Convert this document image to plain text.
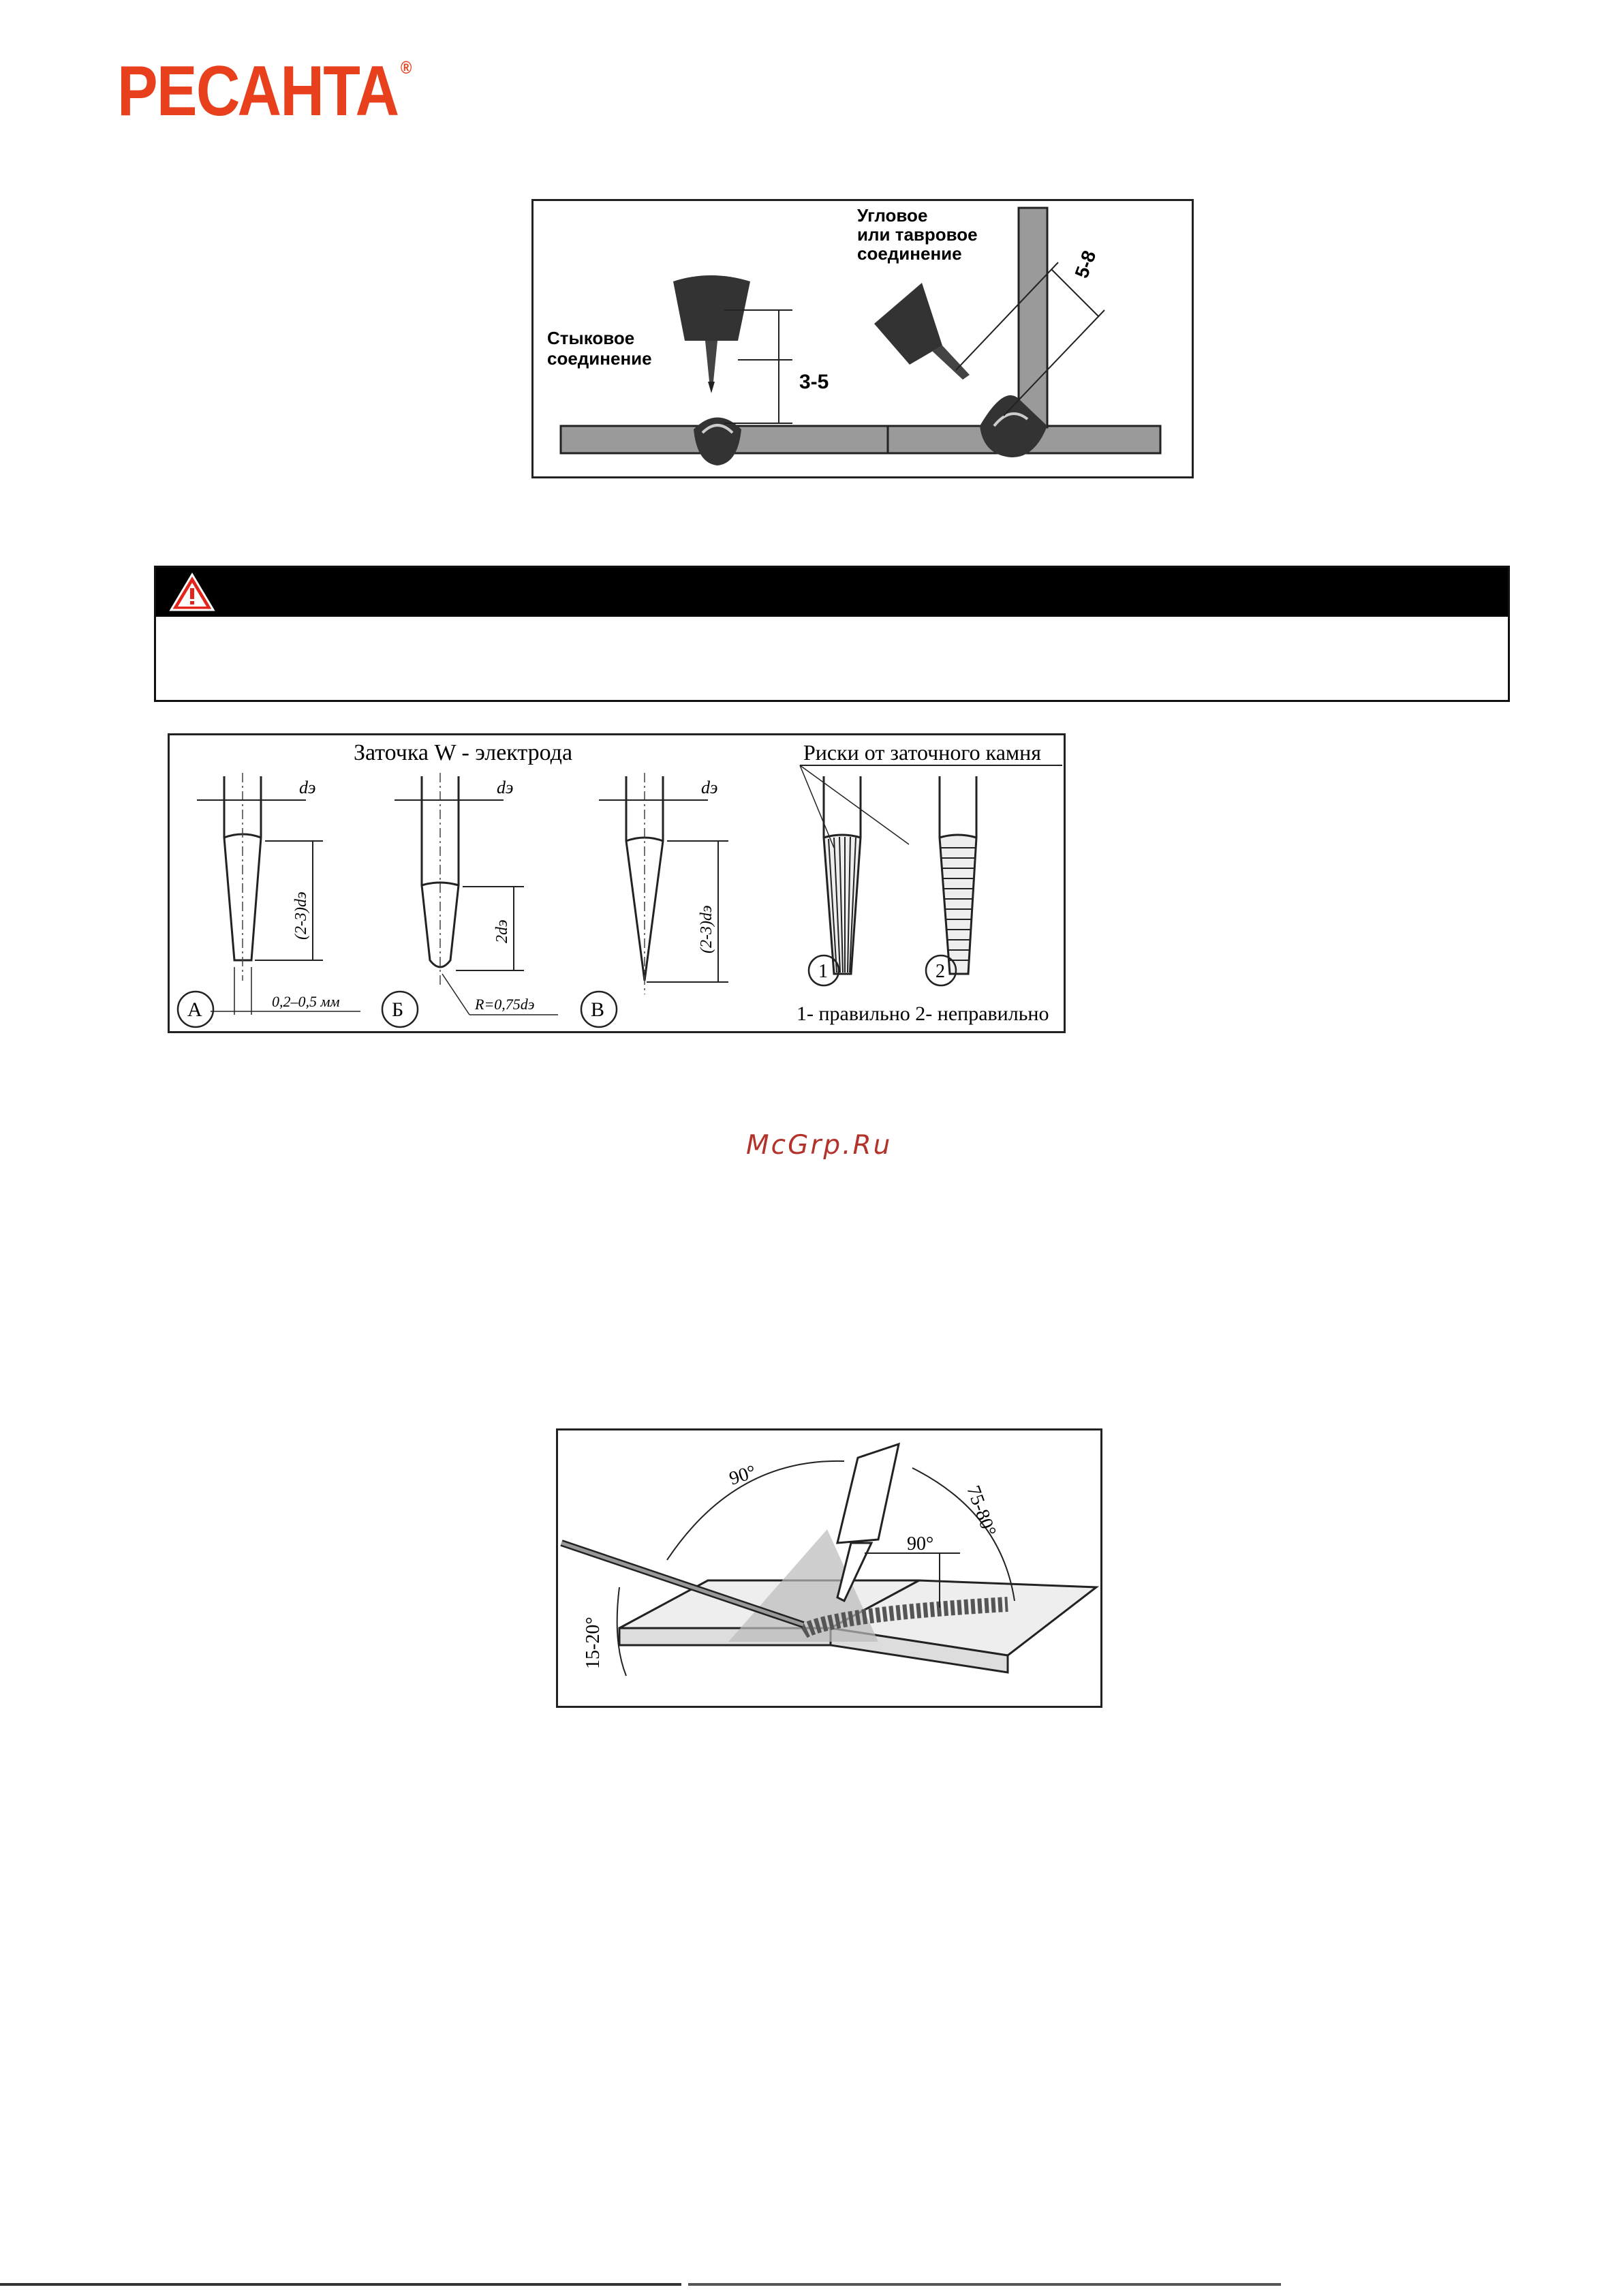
РЕСАНТА ®
3-5
Стыковое
соединение
5-8
Угловое
или тавровое
соединение
Заточка W - электрода	Риски от заточного камня
dэ
(2-3)dэ
0,2–0,5 мм
А
dэ
2dэ
R=0,75dэ
Б
dэ
(2-3)dэ
В
1	2
1- правильно 2- неправильно
McGrp.Ru
90°
75-80°
90°
15-20°
